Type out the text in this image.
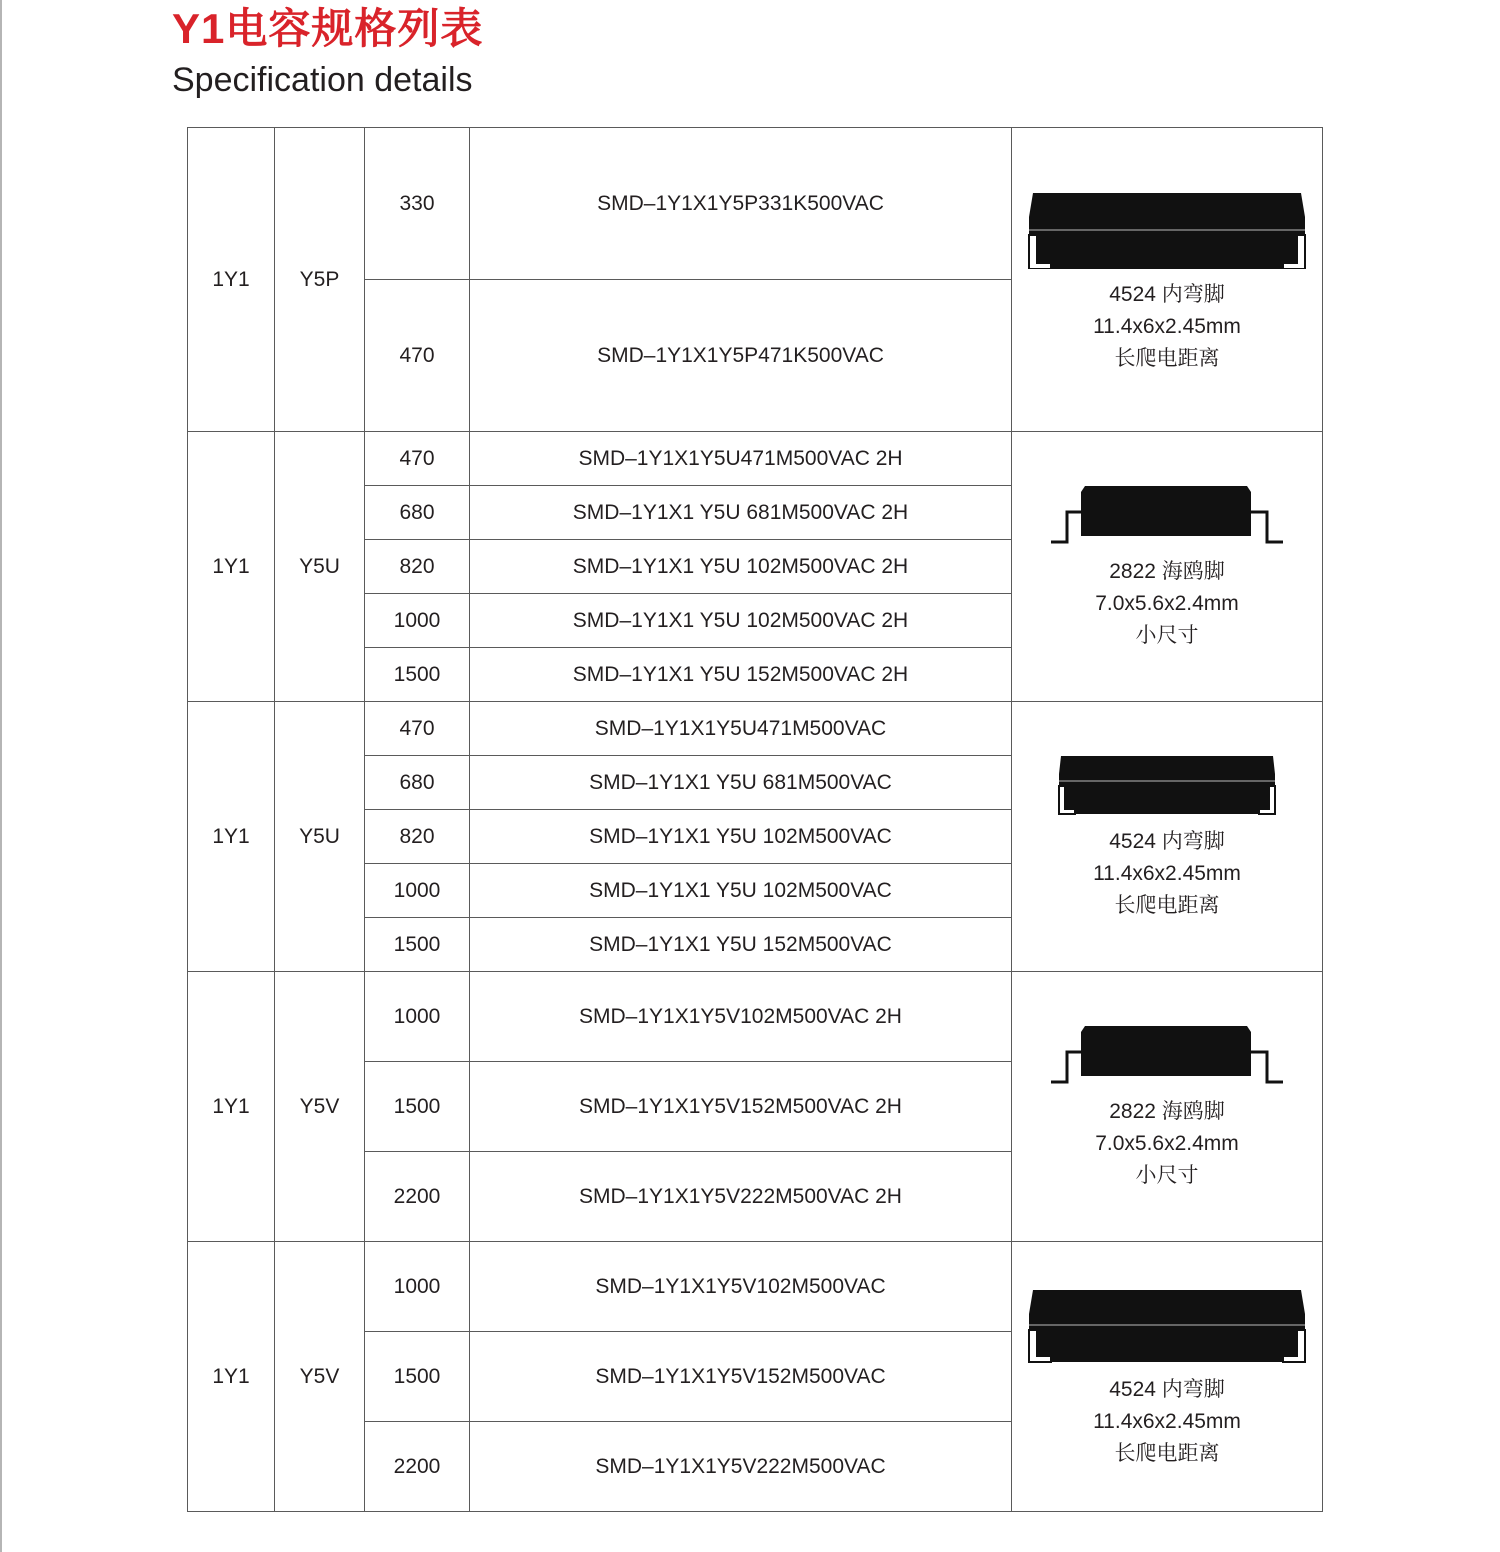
Y1电容规格列表
Specification details
1Y1	Y5P	330	SMD–1Y1X1Y5P331K500VAC	4524 内弯脚
11.4x6x2.45mm
长爬电距离

		470	SMD–1Y1X1Y5P471K500VAC	
1Y1	Y5U	470	SMD–1Y1X1Y5U471M500VAC 2H	2822 海鸥脚
7.0x5.6x2.4mm
小尺寸

		680	SMD–1Y1X1 Y5U 681M500VAC 2H	
		820	SMD–1Y1X1 Y5U 102M500VAC 2H	
		1000	SMD–1Y1X1 Y5U 102M500VAC 2H	
		1500	SMD–1Y1X1 Y5U 152M500VAC 2H	
1Y1	Y5U	470	SMD–1Y1X1Y5U471M500VAC	4524 内弯脚
11.4x6x2.45mm
长爬电距离

		680	SMD–1Y1X1 Y5U 681M500VAC	
		820	SMD–1Y1X1 Y5U 102M500VAC	
		1000	SMD–1Y1X1 Y5U 102M500VAC	
		1500	SMD–1Y1X1 Y5U 152M500VAC	
1Y1	Y5V	1000	SMD–1Y1X1Y5V102M500VAC 2H	2822 海鸥脚
7.0x5.6x2.4mm
小尺寸

		1500	SMD–1Y1X1Y5V152M500VAC 2H	
		2200	SMD–1Y1X1Y5V222M500VAC 2H	
1Y1	Y5V	1000	SMD–1Y1X1Y5V102M500VAC	4524 内弯脚
11.4x6x2.45mm
长爬电距离

		1500	SMD–1Y1X1Y5V152M500VAC	
		2200	SMD–1Y1X1Y5V222M500VAC	
